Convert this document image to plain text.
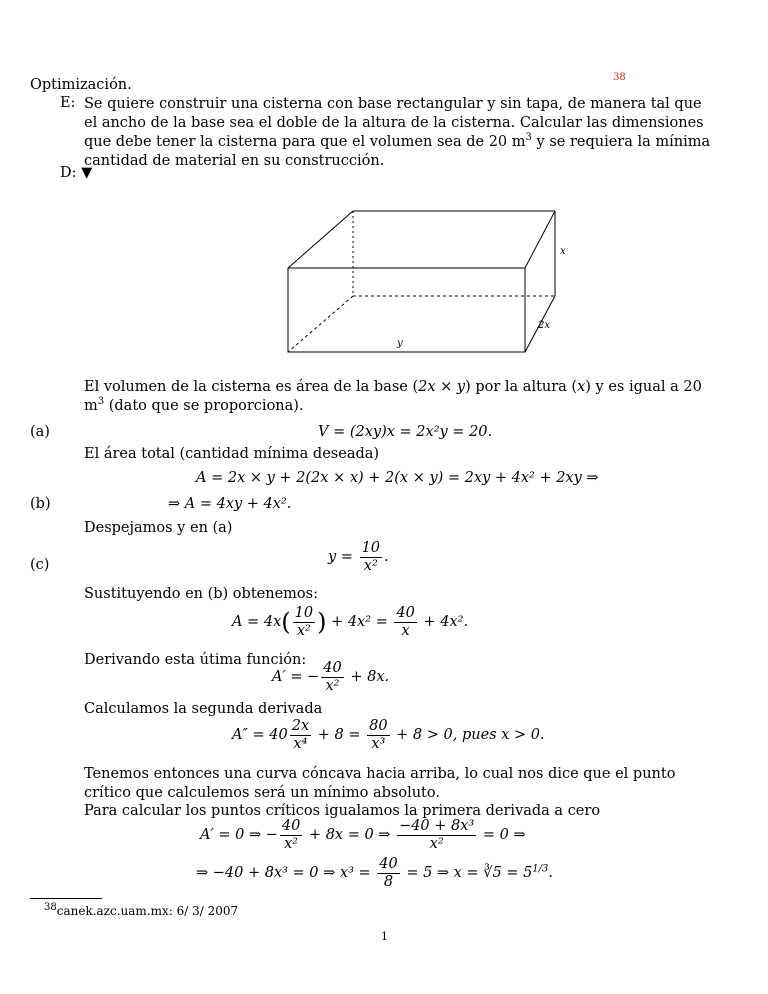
38
Optimización.
E: Se quiere construir una cisterna con base rectangular y sin tapa, de manera tal que el ancho de la base sea el doble de la altura de la cisterna. Calcular las dimensiones que debe tener la cisterna para que el volumen sea de 20 $m^3$ y se requiera la mínima cantidad de material en su construcción.
D: ▼
x
2x
y
El volumen de la cisterna es área de la base (2x × y) por la altura (x) y es igual a 20 $m^3$ (dato que se proporciona).
(a)	V = (2xy)x = 2x²y = 20.
El área total (cantidad mínima deseada)
A = 2x × y + 2(2x × x) + 2(x × y) = 2xy + 4x² + 2xy ⇒
(b)	⇒ A = 4xy + 4x².
Despejamos y en (a)
(c)	$y = \frac{10}{\text{x²}}$ .
Sustituyendo en (b) obtenemos:
$A = 4x( \frac{10}{\text{x²}}$ ) + $4x^2 = \frac{40}{x} + 4x^2$.
Derivando esta útima función:
A′ = − $\frac{40}{\text{x²}} + 8x$.
Calculamos la segunda derivada
$A'' = 40 \frac{2x}{\text{x⁴}} + 8 = \frac{80}{\text{x³}} + 8 > 0$, pues x > 0.
Tenemos entonces una curva cóncava hacia arriba, lo cual nos dice que el punto crítico que calculemos será un mínimo absoluto.
Para calcular los puntos críticos igualamos la primera derivada a cero
A′ = 0 ⇒ − $\frac{40}{\text{x²}} + 8x = 0$ ⇒ $\frac{\text{−40 + 8x³}}{\text{x²}} = 0$ ⇒
⇒ −40 + 8x³ = 0 ⇒ $x^3 = \frac{40}{8} = 5$ ⇒ x = ∛5 = $5^{1/3}$.
$^{38}$canek.azc.uam.mx: 6/ 3/ 2007
1
